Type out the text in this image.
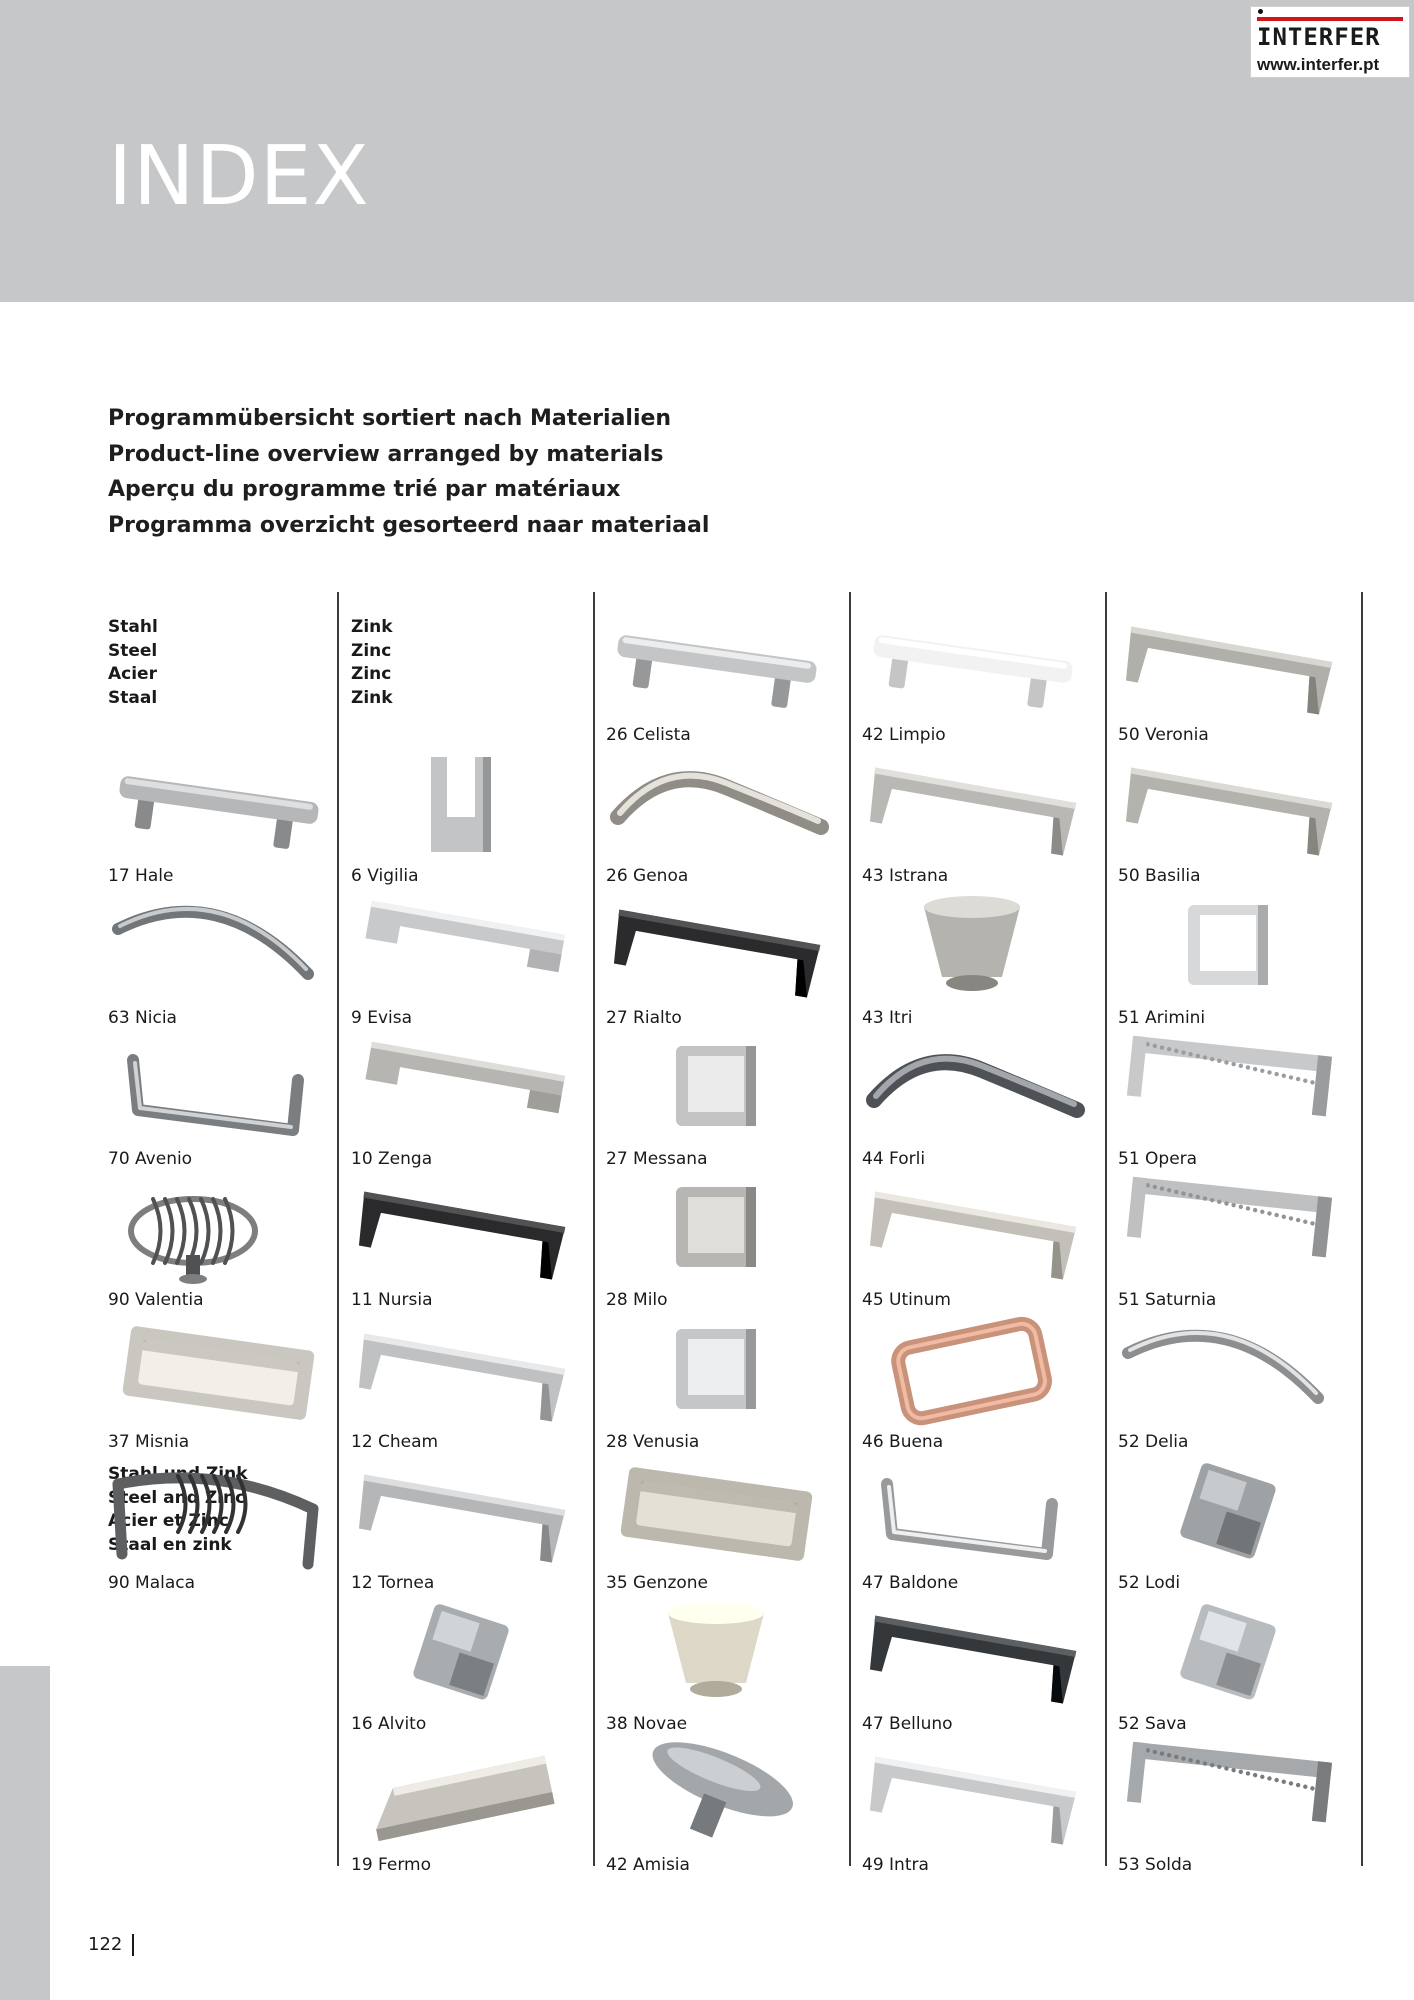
INDEX
INTERFER
www.interfer.pt
Programmübersicht sortiert nach Materialien
Product-line overview arranged by materials
Aperçu du programme trié par matériaux
Programma overzicht gesorteerd naar materiaal
Stahl
Steel
Acier
Staal
Zink
Zinc
Zinc
Zink
Stahl und Zink
Steel and Zinc
Acier et Zinc
Staal en zink
17 Hale
63 Nicia
70 Avenio
90 Valentia
37 Misnia
90 Malaca
6 Vigilia
9 Evisa
10 Zenga
11 Nursia
12 Cheam
12 Tornea
16 Alvito
19 Fermo
26 Celista
26 Genoa
27 Rialto
27 Messana
28 Milo
28 Venusia
35 Genzone
38 Novae
42 Amisia
42 Limpio
43 Istrana
43 Itri
44 Forli
45 Utinum
46 Buena
47 Baldone
47 Belluno
49 Intra
50 Veronia
50 Basilia
51 Arimini
51 Opera
51 Saturnia
52 Delia
52 Lodi
52 Sava
53 Solda
122
